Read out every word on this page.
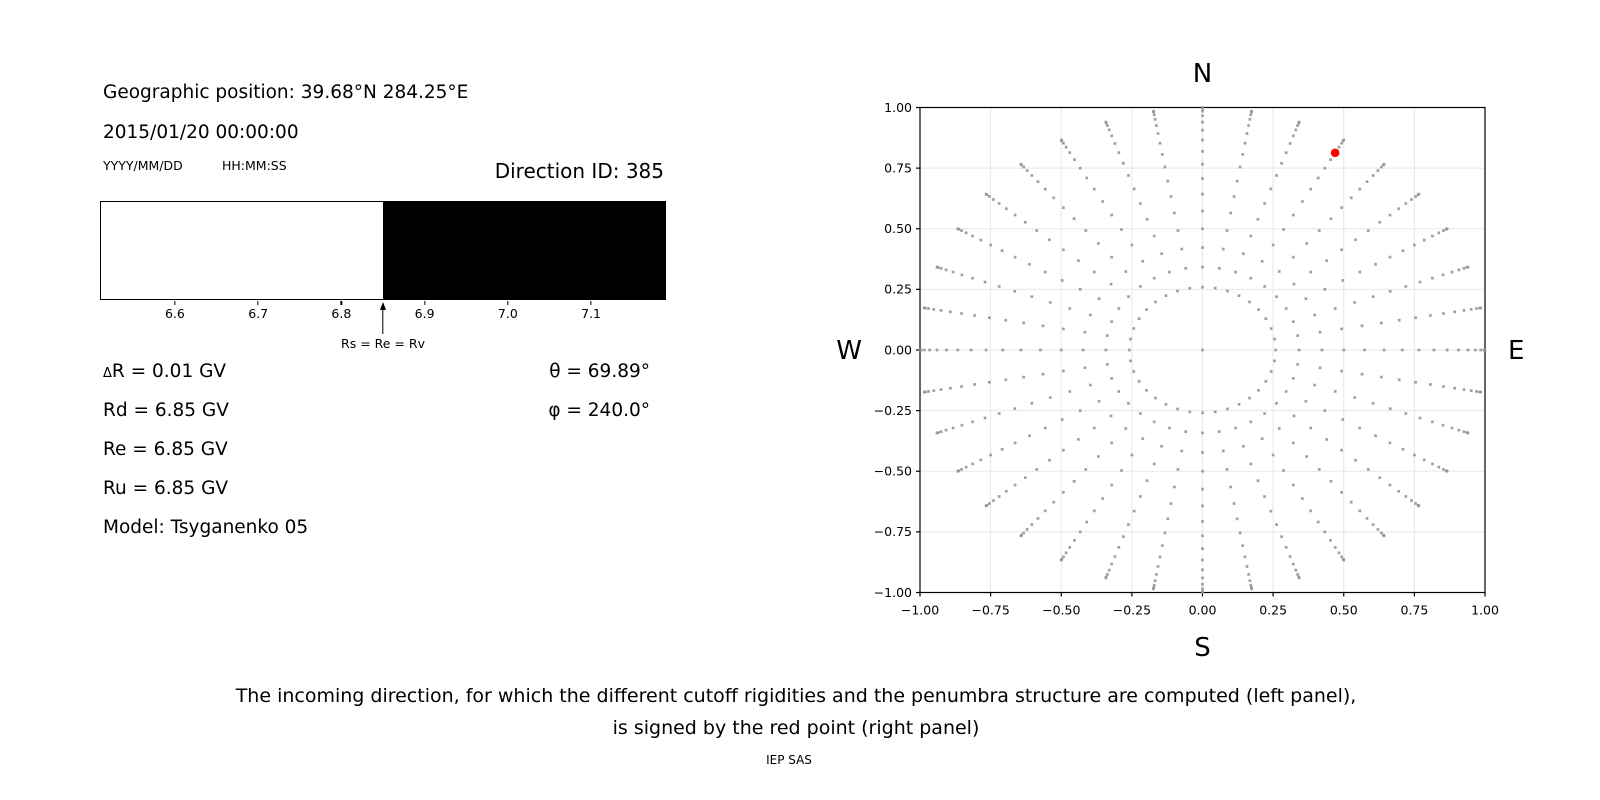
Geographic position: 39.68°N 284.25°E
2015/01/20 00:00:00
YYYY/MM/DD	HH:MM:SS	Direction ID: 385
6.6	6.7	6.8	6.9	7.0	7.1
Rs = Re = Rv
ΔR = 0.01 GV
Rd = 6.85 GV
Re = 6.85 GV
Ru = 6.85 GV
Model: Tsyganenko 05
θ = 69.89°
φ = 240.0°
−1.00
−1.00
−0.75
−0.75
−0.50
−0.50
−0.25
−0.25
0.00
0.00
0.25
0.25
0.50
0.50
0.75
0.75
1.00
1.00
N
S
W	E
The incoming direction, for which the different cutoff rigidities and the penumbra structure are computed (left panel),
is signed by the red point (right panel)
IEP SAS
